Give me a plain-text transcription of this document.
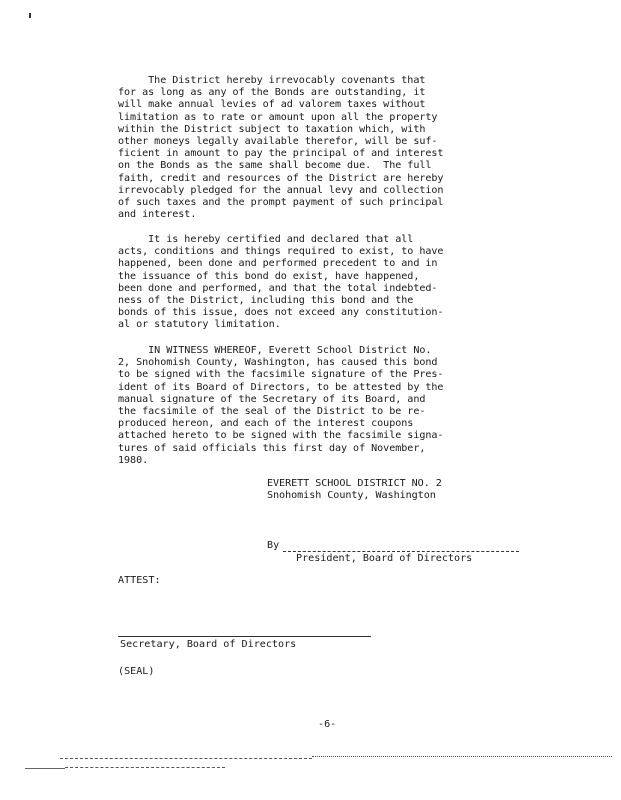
The District hereby irrevocably covenants that
for as long as any of the Bonds are outstanding, it
will make annual levies of ad valorem taxes without
limitation as to rate or amount upon all the property
within the District subject to taxation which, with
other moneys legally available therefor, will be suf-
ficient in amount to pay the principal of and interest
on the Bonds as the same shall become due.  The full
faith, credit and resources of the District are hereby
irrevocably pledged for the annual levy and collection
of such taxes and the prompt payment of such principal
and interest.
It is hereby certified and declared that all
acts, conditions and things required to exist, to have
happened, been done and performed precedent to and in
the issuance of this bond do exist, have happened,
been done and performed, and that the total indebted-
ness of the District, including this bond and the
bonds of this issue, does not exceed any constitution-
al or statutory limitation.
IN WITNESS WHEREOF, Everett School District No.
2, Snohomish County, Washington, has caused this bond
to be signed with the facsimile signature of the Pres-
ident of its Board of Directors, to be attested by the
manual signature of the Secretary of its Board, and
the facsimile of the seal of the District to be re-
produced hereon, and each of the interest coupons
attached hereto to be signed with the facsimile signa-
tures of said officials this first day of November,
1980.
EVERETT SCHOOL DISTRICT NO. 2
Snohomish County, Washington
By
President, Board of Directors
ATTEST:
Secretary, Board of Directors
(SEAL)
-6-
